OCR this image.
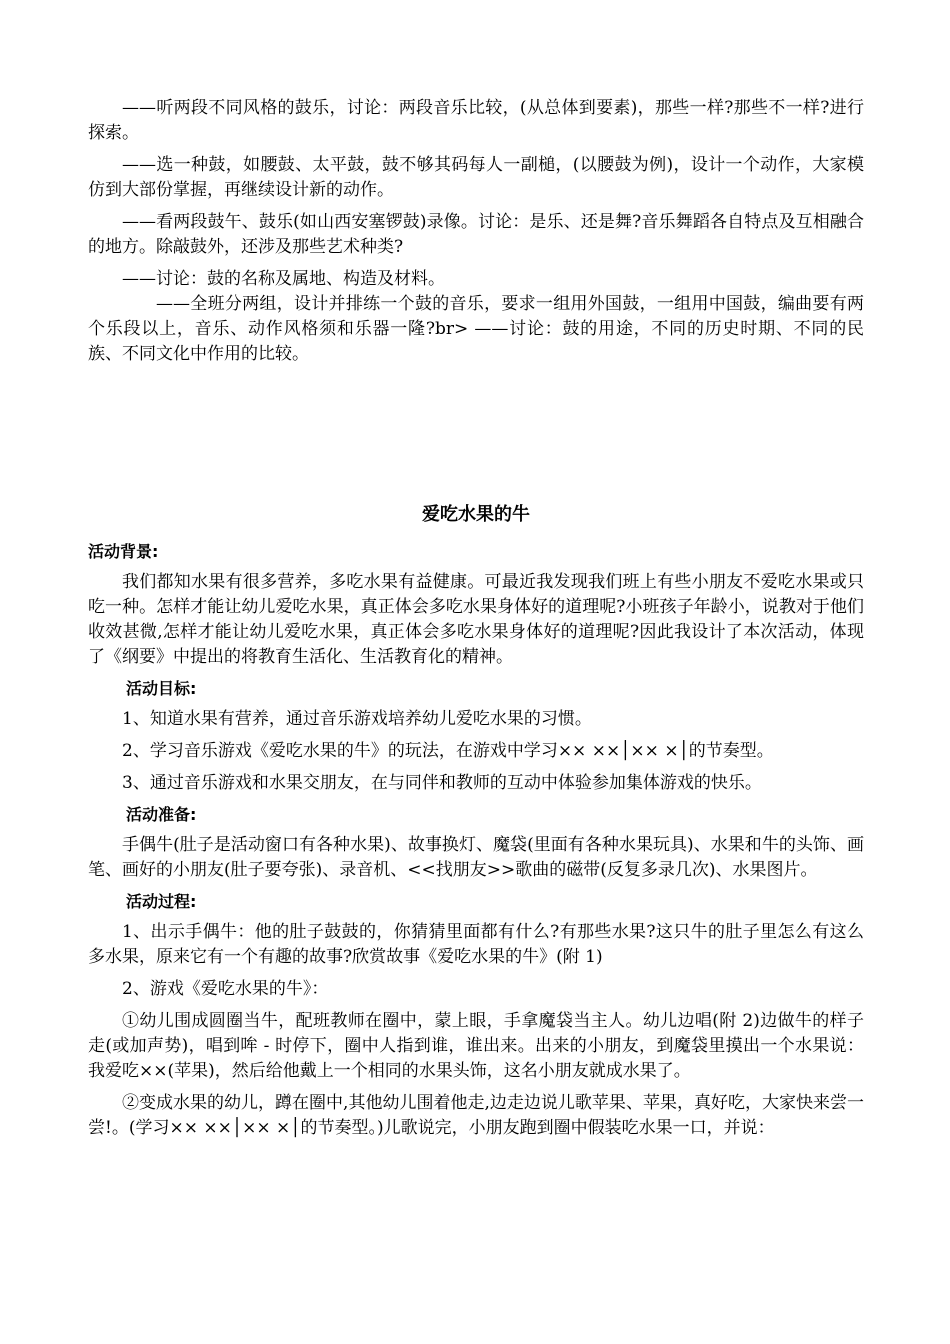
——听两段不同风格的鼓乐，讨论：两段音乐比较，(从总体到要素)，那些一样?那些不一样?进行探索。

——选一种鼓，如腰鼓、太平鼓，鼓不够其码每人一副槌，(以腰鼓为例)，设计一个动作，大家模仿到大部份掌握，再继续设计新的动作。

——看两段鼓午、鼓乐(如山西安塞锣鼓)录像。讨论：是乐、还是舞?音乐舞蹈各自特点及互相融合的地方。除敲鼓外，还涉及那些艺术种类?

——讨论：鼓的名称及属地、构造及材料。

——全班分两组，设计并排练一个鼓的音乐，要求一组用外国鼓，一组用中国鼓，编曲要有两个乐段以上，音乐、动作风格须和乐器一隆?br> ——讨论：鼓的用途，不同的历史时期、不同的民族、不同文化中作用的比较。

爱吃水果的牛
活动背景:

我们都知水果有很多营养，多吃水果有益健康。可最近我发现我们班上有些小朋友不爱吃水果或只吃一种。怎样才能让幼儿爱吃水果，真正体会多吃水果身体好的道理呢?小班孩子年龄小，说教对于他们收效甚微,怎样才能让幼儿爱吃水果，真正体会多吃水果身体好的道理呢?因此我设计了本次活动，体现了《纲要》中提出的将教育生活化、生活教育化的精神。

活动目标:

1、知道水果有营养，通过音乐游戏培养幼儿爱吃水果的习惯。

2、学习音乐游戏《爱吃水果的牛》的玩法，在游戏中学习×× ××│×× ×│的节奏型。

3、通过音乐游戏和水果交朋友，在与同伴和教师的互动中体验参加集体游戏的快乐。

活动准备:

手偶牛(肚子是活动窗口有各种水果)、故事换灯、魔袋(里面有各种水果玩具)、水果和牛的头饰、画笔、画好的小朋友(肚子要夸张)、录音机、<<找朋友>>歌曲的磁带(反复多录几次)、水果图片。

活动过程:

1、出示手偶牛：他的肚子鼓鼓的，你猜猜里面都有什么?有那些水果?这只牛的肚子里怎么有这么多水果，原来它有一个有趣的故事?欣赏故事《爱吃水果的牛》(附 1)

2、游戏《爱吃水果的牛》：

①幼儿围成圆圈当牛，配班教师在圈中，蒙上眼，手拿魔袋当主人。幼儿边唱(附 2)边做牛的样子走(或加声势)，唱到哞 - 时停下，圈中人指到谁，谁出来。出来的小朋友，到魔袋里摸出一个水果说：我爱吃××(苹果)，然后给他戴上一个相同的水果头饰，这名小朋友就成水果了。

②变成水果的幼儿，蹲在圈中,其他幼儿围着他走,边走边说儿歌苹果、苹果，真好吃，大家快来尝一尝!。(学习×× ××│×× ×│的节奏型。)儿歌说完，小朋友跑到圈中假装吃水果一口，并说：
